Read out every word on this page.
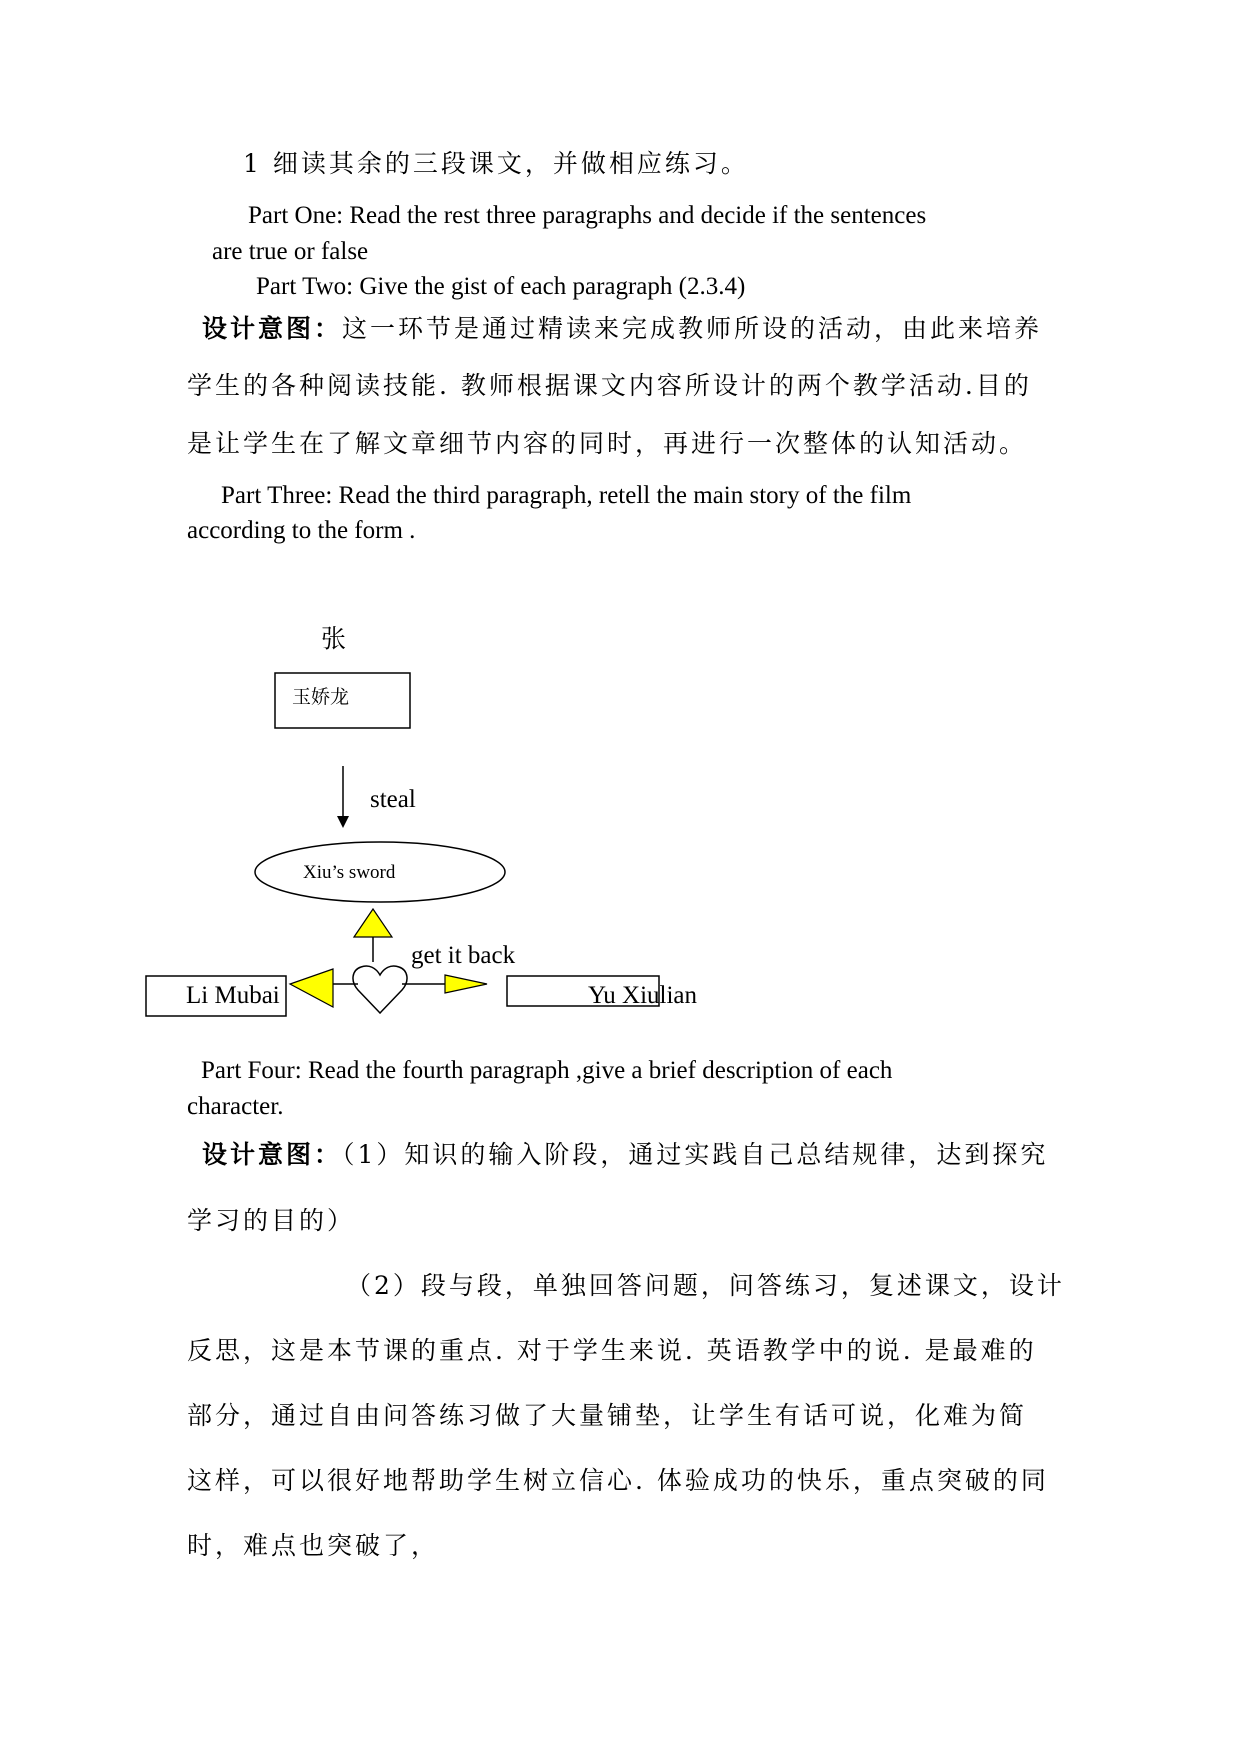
1 细读其余的三段课文，并做相应练习。
Part One: Read the rest three paragraphs and decide if the sentences
are true or false
Part Two: Give the gist of each paragraph (2.3.4)
设计意图：这一环节是通过精读来完成教师所设的活动，由此来培养
学生的各种阅读技能. 教师根据课文内容所设计的两个教学活动.目的
是让学生在了解文章细节内容的同时，再进行一次整体的认知活动。
Part Three: Read the third paragraph, retell the main story of the film
according to the form .
张
玉娇龙
steal
Xiu’s sword
get it back
Li Mubai	Yu Xiulian
Part Four: Read the fourth paragraph ,give a brief description of each
character.
设计意图：（1）知识的输入阶段，通过实践自己总结规律，达到探究
学习的目的）
（2）段与段，单独回答问题，问答练习，复述课文，设计
反思，这是本节课的重点. 对于学生来说. 英语教学中的说. 是最难的
部分，通过自由问答练习做了大量铺垫，让学生有话可说，化难为简
这样，可以很好地帮助学生树立信心. 体验成功的快乐，重点突破的同
时，难点也突破了，
